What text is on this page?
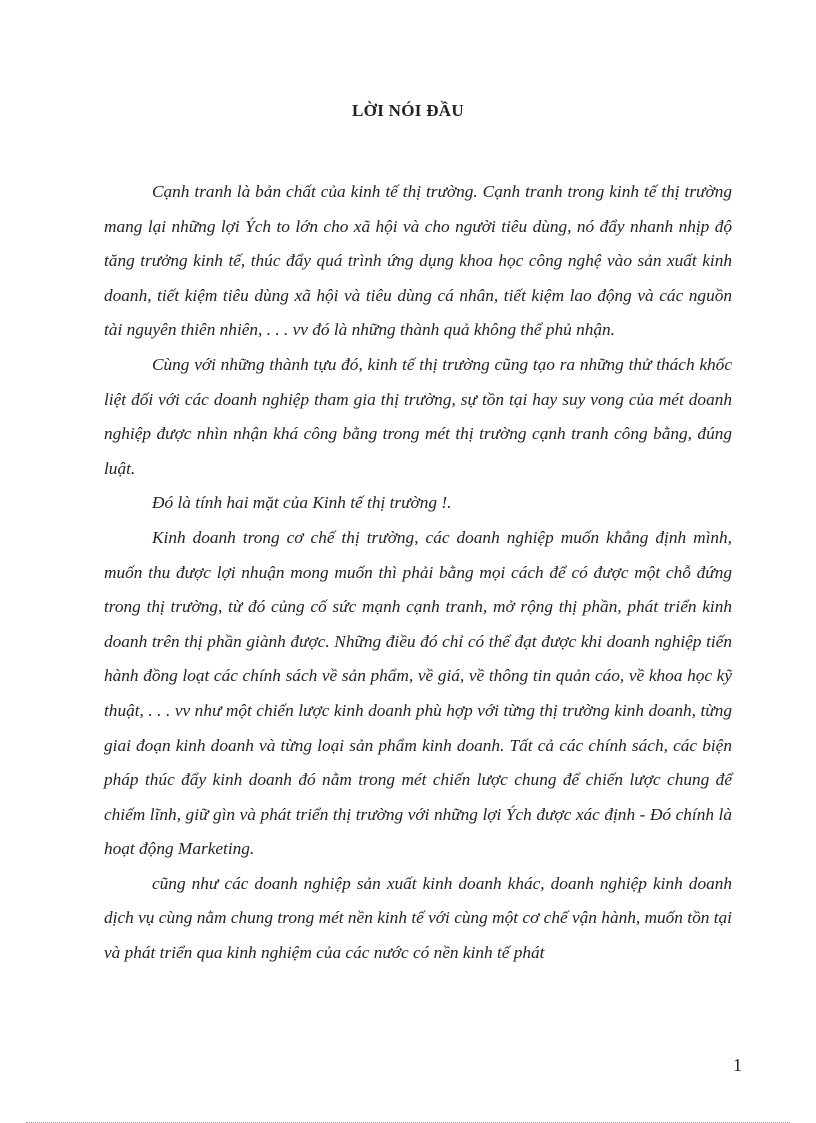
LỜI NÓI ĐẦU

Cạnh tranh là bản chất của kinh tế thị trường. Cạnh tranh trong kinh tế thị trường mang lại những lợi Ých to lớn cho xã hội và cho người tiêu dùng, nó đẩy nhanh nhịp độ tăng trưởng kinh tế, thúc đẩy quá trình ứng dụng khoa học công nghệ vào sản xuất kinh doanh, tiết kiệm tiêu dùng xã hội và tiêu dùng cá nhân, tiết kiệm lao động và các nguồn tài nguyên thiên nhiên, . . . vv đó là những thành quả không thể phủ nhận.

Cùng với những thành tựu đó, kinh tế thị trường cũng tạo ra những thử thách khốc liệt đối với các doanh nghiệp tham gia thị trường, sự tồn tại hay suy vong của mét doanh nghiệp được nhìn nhận khá công bằng trong mét thị trường cạnh tranh công bằng, đúng luật.

Đó là tính hai mặt của Kinh tế thị trường !.

Kinh doanh trong cơ chế thị trường, các doanh nghiệp muốn khẳng định mình, muốn thu được lợi nhuận mong muốn thì phải bằng mọi cách để có được một chỗ đứng trong thị trường, từ đó củng cố sức mạnh cạnh tranh, mở rộng thị phần, phát triển kinh doanh trên thị phần giành được. Những điều đó chỉ có thể đạt được khi doanh nghiệp tiến hành đồng loạt các chính sách về sản phẩm, về giá, về thông tin quản cáo, về khoa học kỹ thuật, . . . vv như một chiến lược kinh doanh phù hợp với từng thị trường kinh doanh, từng giai đoạn kinh doanh và từng loại sản phẩm kinh doanh. Tất cả các chính sách, các biện pháp thúc đẩy kinh doanh đó nằm trong mét chiến lược chung để chiến lược chung để chiếm lĩnh, giữ gìn và phát triển thị trường với những lợi Ých được xác định - Đó chính là hoạt động Marketing.

cũng như các doanh nghiệp sản xuất kinh doanh khác, doanh nghiệp kinh doanh dịch vụ cùng nằm chung trong mét nền kinh tế với cùng một cơ chế vận hành, muốn tồn tại và phát triển qua kinh nghiệm của các nước có nền kinh tế phát

1
